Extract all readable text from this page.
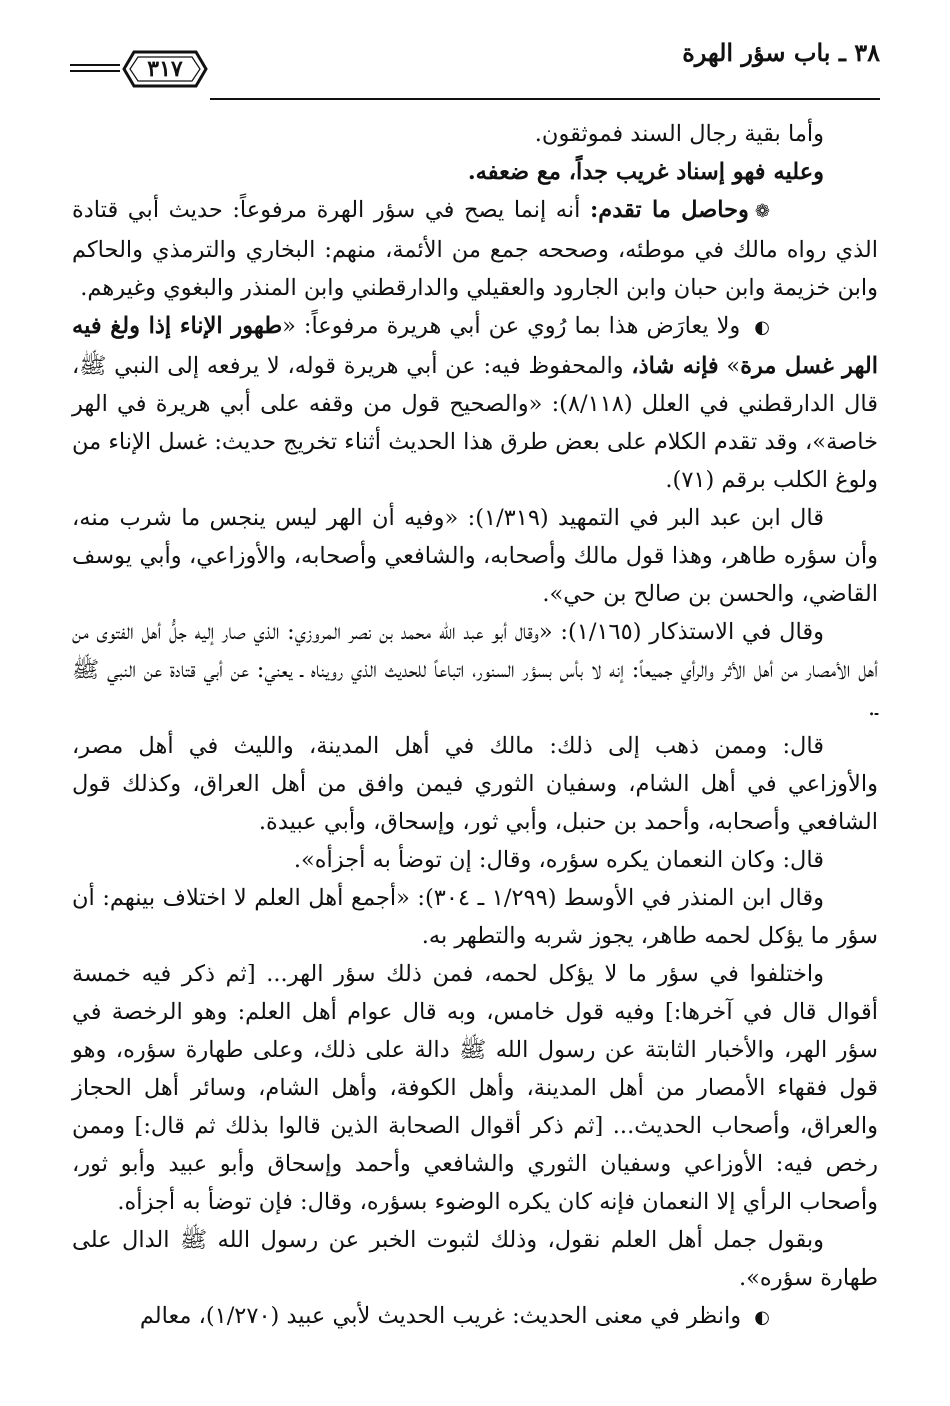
٣٨ ـ باب سؤر الهرة
٣١٧

وأما بقية رجال السند فموثقون.

وعليه فهو إسناد غريب جداً، مع ضعفه.

❁وحاصل ما تقدم: أنه إنما يصح في سؤر الهرة مرفوعاً: حديث أبي قتادة الذي رواه مالك في موطئه، وصححه جمع من الأئمة، منهم: البخاري والترمذي والحاكم وابن خزيمة وابن حبان وابن الجارود والعقيلي والدارقطني وابن المنذر والبغوي وغيرهم.

◐ ولا يعارَض هذا بما رُوي عن أبي هريرة مرفوعاً: «طهور الإناء إذا ولغ فيه الهر غسل مرة» فإنه شاذ، والمحفوظ فيه: عن أبي هريرة قوله، لا يرفعه إلى النبي ﷺ، قال الدارقطني في العلل (٨/١١٨): «والصحيح قول من وقفه على أبي هريرة في الهر خاصة»، وقد تقدم الكلام على بعض طرق هذا الحديث أثناء تخريج حديث: غسل الإناء من ولوغ الكلب برقم (٧١).

قال ابن عبد البر في التمهيد (١/٣١٩): «وفيه أن الهر ليس ينجس ما شرب منه، وأن سؤره طاهر، وهذا قول مالك وأصحابه، والشافعي وأصحابه، والأوزاعي، وأبي يوسف القاضي، والحسن بن صالح بن حي».

وقال في الاستذكار (١/١٦٥): «وقال أبو عبد الله محمد بن نصر المروزي: الذي صار إليه جلُّ أهل الفتوى من أهل الأمصار من أهل الأثر والرأي جميعاً: إنه لا بأس بسؤر السنور، اتباعاً للحديث الذي رويناه ـ يعني: عن أبي قتادة عن النبي ﷺ ـ.

قال: وممن ذهب إلى ذلك: مالك في أهل المدينة، والليث في أهل مصر، والأوزاعي في أهل الشام، وسفيان الثوري فيمن وافق من أهل العراق، وكذلك قول الشافعي وأصحابه، وأحمد بن حنبل، وأبي ثور، وإسحاق، وأبي عبيدة.

قال: وكان النعمان يكره سؤره، وقال: إن توضأ به أجزأه».

وقال ابن المنذر في الأوسط (١/٢٩٩ ـ ٣٠٤): «أجمع أهل العلم لا اختلاف بينهم: أن سؤر ما يؤكل لحمه طاهر، يجوز شربه والتطهر به.

واختلفوا في سؤر ما لا يؤكل لحمه، فمن ذلك سؤر الهر... [ثم ذكر فيه خمسة أقوال قال في آخرها:] وفيه قول خامس، وبه قال عوام أهل العلم: وهو الرخصة في سؤر الهر، والأخبار الثابتة عن رسول الله ﷺ دالة على ذلك، وعلى طهارة سؤره، وهو قول فقهاء الأمصار من أهل المدينة، وأهل الكوفة، وأهل الشام، وسائر أهل الحجاز والعراق، وأصحاب الحديث... [ثم ذكر أقوال الصحابة الذين قالوا بذلك ثم قال:] وممن رخص فيه: الأوزاعي وسفيان الثوري والشافعي وأحمد وإسحاق وأبو عبيد وأبو ثور، وأصحاب الرأي إلا النعمان فإنه كان يكره الوضوء بسؤره، وقال: فإن توضأ به أجزأه.

وبقول جمل أهل العلم نقول، وذلك لثبوت الخبر عن رسول الله ﷺ الدال على طهارة سؤره».

◐ وانظر في معنى الحديث: غريب الحديث لأبي عبيد (١/٢٧٠)، معالم
